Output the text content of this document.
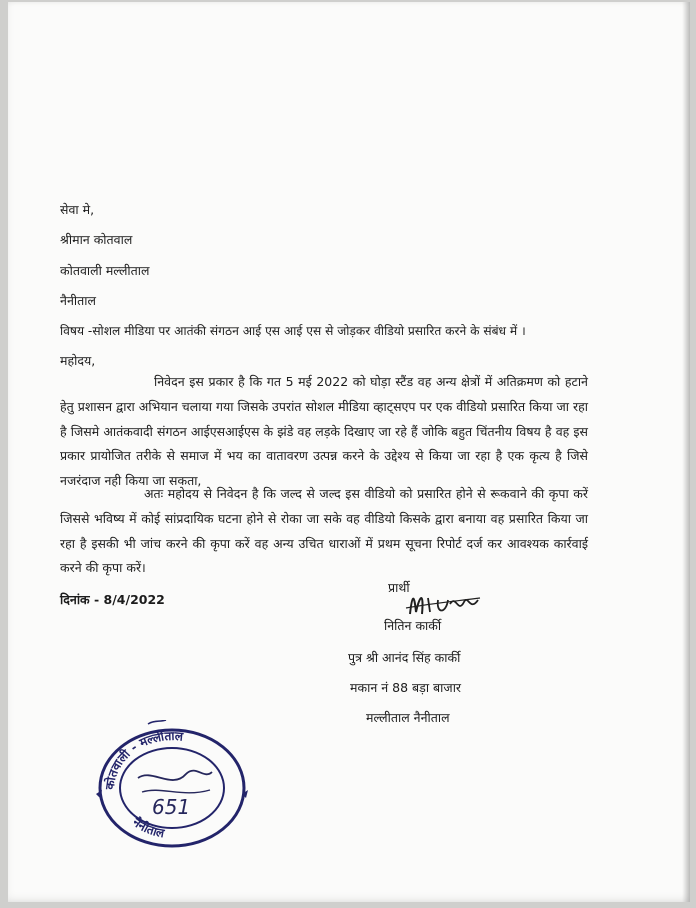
सेवा मे,
श्रीमान कोतवाल
कोतवाली मल्लीताल
नैनीताल
विषय -सोशल मीडिया पर आतंकी संगठन आई एस आई एस से जोड़कर वीडियो प्रसारित करने के संबंध में ।
महोदय,
निवेदन इस प्रकार है कि गत 5 मई 2022 को घोड़ा स्टैंड वह अन्य क्षेत्रों में अतिक्रमण को हटाने हेतु प्रशासन द्वारा अभियान चलाया गया जिसके उपरांत सोशल मीडिया व्हाट्सएप पर एक वीडियो प्रसारित किया जा रहा है जिसमे आतंकवादी संगठन आईएसआईएस के झंडे वह लड़के दिखाए जा रहे हैं जोकि बहुत चिंतनीय विषय है वह इस प्रकार प्रायोजित तरीके से समाज में भय का वातावरण उत्पन्न करने के उद्देश्य से किया जा रहा है एक कृत्य है जिसे नजरंदाज नही किया जा सकता,
अतः महोदय से निवेदन है कि जल्द से जल्द इस वीडियो को प्रसारित होने से रूकवाने की कृपा करें जिससे भविष्य में कोई सांप्रदायिक घटना होने से रोका जा सके वह वीडियो किसके द्वारा बनाया वह प्रसारित किया जा रहा है इसकी भी जांच करने की कृपा करें वह अन्य उचित धाराओं में प्रथम सूचना रिपोर्ट दर्ज कर आवश्यक कार्रवाई करने की कृपा करें।
दिनांक - 8/4/2022
प्रार्थी
नितिन कार्की
पुत्र श्री आनंद सिंह कार्की
मकान नं 88 बड़ा बाजार
मल्लीताल नैनीताल
कोतवाली - मल्लीताल
नैनीताल
651
